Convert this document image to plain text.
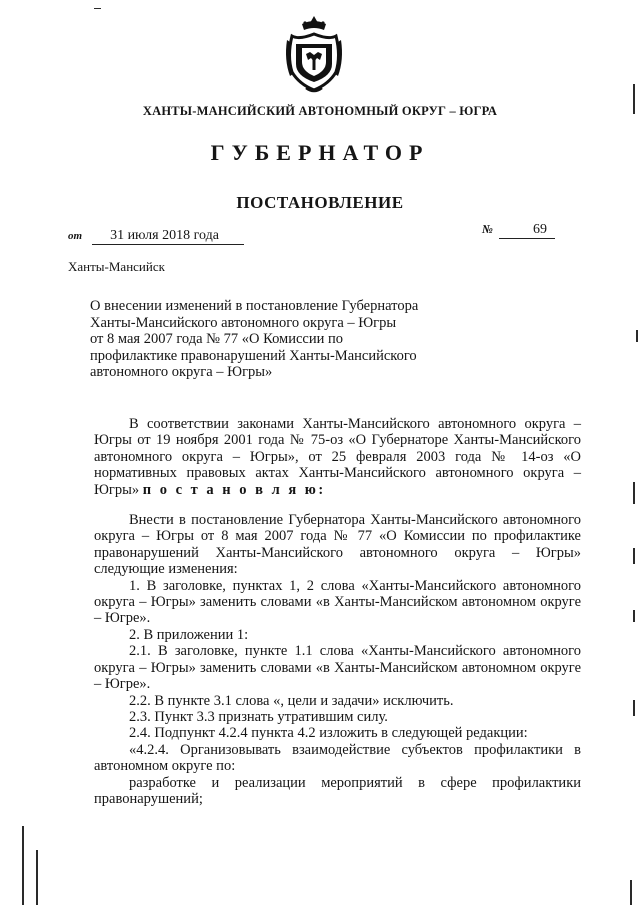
ХАНТЫ-МАНСИЙСКИЙ АВТОНОМНЫЙ ОКРУГ – ЮГРА
ГУБЕРНАТОР
ПОСТАНОВЛЕНИЕ
от 31 июля 2018 года	№	69
Ханты-Мансийск
О внесении изменений в постановление Губернатора
Ханты-Мансийского автономного округа – Югры
от 8 мая 2007 года № 77 «О Комиссии по
профилактике правонарушений Ханты-Мансийского
автономного округа – Югры»

В соответствии законами Ханты-Мансийского автономного округа – Югры от 19 ноября 2001 года № 75-оз «О Губернаторе Ханты-Мансийского автономного округа – Югры», от 25 февраля 2003 года № 14-оз «О нормативных правовых актах Ханты-Мансийского автономного округа – Югры» п о с т а н о в л я ю:

Внести в постановление Губернатора Ханты-Мансийского автономного округа – Югры от 8 мая 2007 года № 77 «О Комиссии по профилактике правонарушений Ханты-Мансийского автономного округа – Югры» следующие изменения:

1. В заголовке, пунктах 1, 2 слова «Ханты-Мансийского автономного округа – Югры» заменить словами «в Ханты-Мансийском автономном округе – Югре».

2. В приложении 1:

2.1. В заголовке, пункте 1.1 слова «Ханты-Мансийского автономного округа – Югры» заменить словами «в Ханты-Мансийском автономном округе – Югре».

2.2. В пункте 3.1 слова «, цели и задачи» исключить.

2.3. Пункт 3.3 признать утратившим силу.

2.4. Подпункт 4.2.4 пункта 4.2 изложить в следующей редакции:

«4.2.4. Организовывать взаимодействие субъектов профилактики в автономном округе по:

разработке и реализации мероприятий в сфере профилактики правонарушений;
